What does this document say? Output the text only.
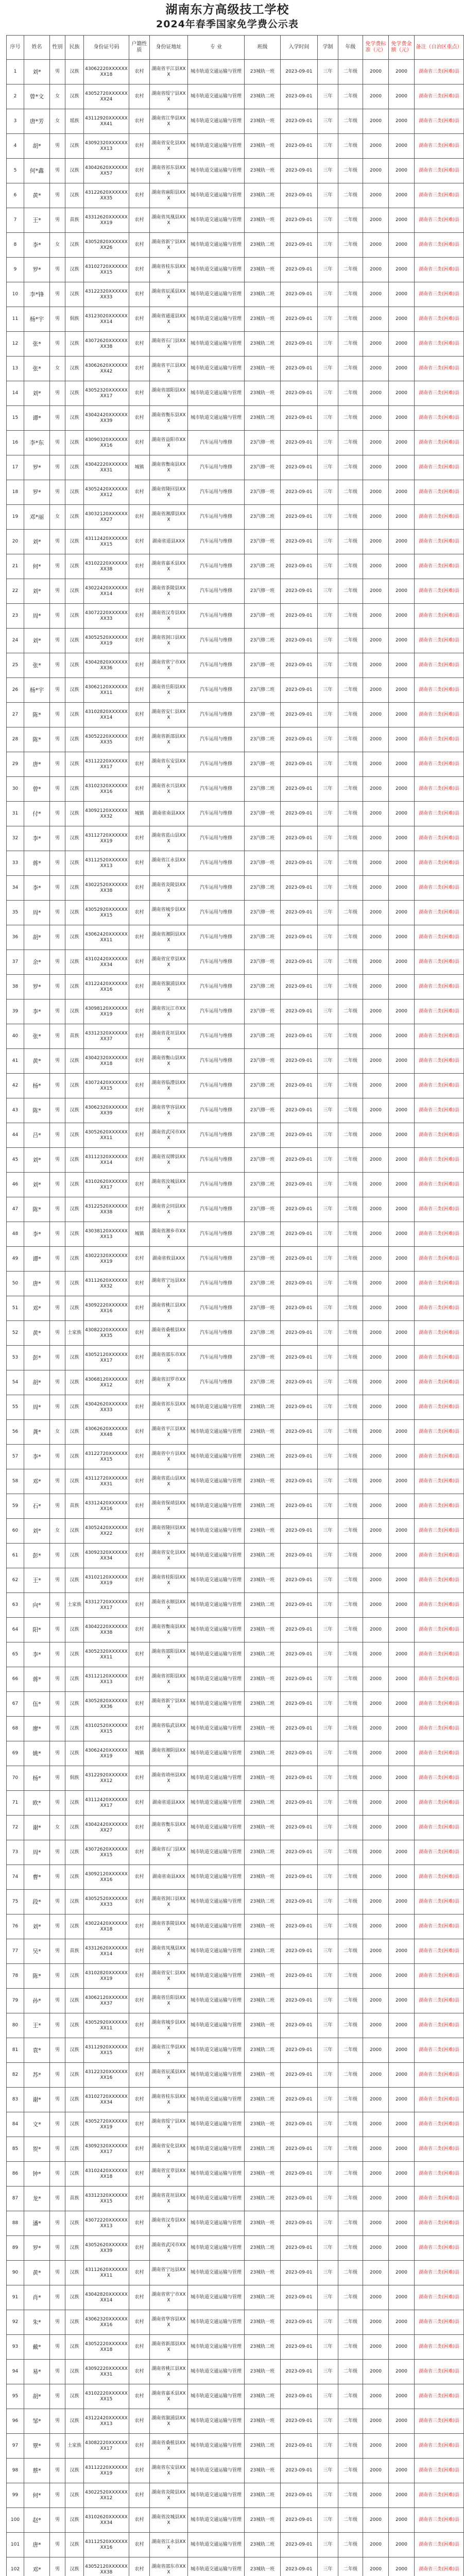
湖南东方高级技工学校
2024年春季国家免学费公示表
序号	姓名	性别	民族	身份证号码	户籍性质	身份证地址	专 业	班级	入学时间	学制	年级	免学费标准（元）	免学费金额（元）	备注（自治区重点）
1	刘*	男	汉族	43062220XXXXXXXX18	农村	湖南省平江县XXX	城市轨道交通运输与管理	23城轨一班	2023-09-01	三年	二年级	2000	2000	湖南省三类(困难)县
2	曾*文	女	汉族	43052720XXXXXXXX24	农村	湖南省绥宁县XXX	城市轨道交通运输与管理	23城轨二班	2023-09-01	三年	二年级	2000	2000	湖南省三类(困难)县
3	唐*芳	女	瑶族	43112920XXXXXXXX41	农村	湖南省江华县XXX	城市轨道交通运输与管理	23城轨一班	2023-09-01	三年	二年级	2000	2000	湖南省三类(困难)县
4	胡*	男	汉族	43092320XXXXXXXX13	农村	湖南省安化县XXX	城市轨道交通运输与管理	23城轨一班	2023-09-01	三年	二年级	2000	2000	湖南省三类(困难)县
5	何*鑫	男	汉族	43042620XXXXXXXX57	农村	湖南省祁东县XXX	城市轨道交通运输与管理	23城轨一班	2023-09-01	三年	二年级	2000	2000	湖南省三类(困难)县
6	黄*	男	汉族	43122620XXXXXXXX35	农村	湖南省麻阳县XXX	城市轨道交通运输与管理	23城轨二班	2023-09-01	三年	二年级	2000	2000	湖南省三类(困难)县
7	王*	男	苗族	43312620XXXXXXXX19	农村	湖南省凤凰县XXX	城市轨道交通运输与管理	23城轨一班	2023-09-01	三年	二年级	2000	2000	湖南省三类(困难)县
8	李*	女	汉族	43052820XXXXXXXX26	农村	湖南省新宁县XXX	城市轨道交通运输与管理	23城轨二班	2023-09-01	三年	二年级	2000	2000	湖南省三类(困难)县
9	罗*	男	汉族	43102720XXXXXXXX15	农村	湖南省桂东县XXX	城市轨道交通运输与管理	23城轨一班	2023-09-01	三年	二年级	2000	2000	湖南省三类(困难)县
10	李*锋	男	汉族	43122320XXXXXXXX33	农村	湖南省辰溪县XXX	城市轨道交通运输与管理	23城轨二班	2023-09-01	三年	二年级	2000	2000	湖南省三类(困难)县
11	杨*宇	男	侗族	43123020XXXXXXXX14	农村	湖南省通道县XXX	城市轨道交通运输与管理	23城轨一班	2023-09-01	三年	二年级	2000	2000	湖南省三类(困难)县
12	张*	男	汉族	43072620XXXXXXXX38	农村	湖南省石门县XXX	城市轨道交通运输与管理	23城轨二班	2023-09-01	三年	二年级	2000	2000	湖南省三类(困难)县
13	张*	女	汉族	43062620XXXXXXXX42	农村	湖南省平江县XXX	城市轨道交通运输与管理	23城轨一班	2023-09-01	三年	二年级	2000	2000	湖南省三类(困难)县
14	刘*	男	汉族	43052320XXXXXXXX17	农村	湖南省邵阳县XXX	城市轨道交通运输与管理	23城轨一班	2023-09-01	三年	二年级	2000	2000	湖南省三类(困难)县
15	谭*	男	汉族	43042420XXXXXXXX39	农村	湖南省衡东县XXX	城市轨道交通运输与管理	23城轨二班	2023-09-01	三年	二年级	2000	2000	湖南省三类(困难)县
16	李*东	男	汉族	43090320XXXXXXXX16	农村	湖南省益阳市XXX	汽车运用与维修	23汽修一班	2023-09-01	三年	二年级	2000	2000	湖南省三类(困难)县
17	罗*	男	汉族	43042220XXXXXXXX31	城镇	湖南省衡南县XXX	汽车运用与维修	23汽修一班	2023-09-01	三年	二年级	2000	2000	湖南省三类(困难)县
18	罗*	男	汉族	43052420XXXXXXXX12	农村	湖南省隆回县XXX	汽车运用与维修	23汽修一班	2023-09-01	三年	二年级	2000	2000	湖南省三类(困难)县
19	邓*丽	女	汉族	43032120XXXXXXXX27	农村	湖南省湘潭县XXX	汽车运用与维修	23汽修二班	2023-09-01	三年	二年级	2000	2000	湖南省三类(困难)县
20	刘*	男	汉族	43112420XXXXXXXX15	农村	湖南省道县XXX	汽车运用与维修	23汽修一班	2023-09-01	三年	二年级	2000	2000	湖南省三类(困难)县
21	何*	男	汉族	43102220XXXXXXXX38	农村	湖南省嘉禾县XXX	汽车运用与维修	23汽修二班	2023-09-01	三年	二年级	2000	2000	湖南省三类(困难)县
22	刘*	男	汉族	43022420XXXXXXXX14	农村	湖南省茶陵县XXX	汽车运用与维修	23汽修一班	2023-09-01	三年	二年级	2000	2000	湖南省三类(困难)县
23	周*	男	汉族	43072220XXXXXXXX33	农村	湖南省汉寿县XXX	汽车运用与维修	23汽修一班	2023-09-01	三年	二年级	2000	2000	湖南省三类(困难)县
24	刘*	男	汉族	43052520XXXXXXXX19	农村	湖南省洞口县XXX	汽车运用与维修	23汽修二班	2023-09-01	三年	二年级	2000	2000	湖南省三类(困难)县
25	张*	男	汉族	43042820XXXXXXXX36	农村	湖南省常宁市XXX	汽车运用与维修	23汽修一班	2023-09-01	三年	二年级	2000	2000	湖南省三类(困难)县
26	杨*宇	男	汉族	43062120XXXXXXXX11	农村	湖南省岳阳县XXX	汽车运用与维修	23汽修二班	2023-09-01	三年	二年级	2000	2000	湖南省三类(困难)县
27	陈*	男	汉族	43102820XXXXXXXX14	农村	湖南省安仁县XXX	汽车运用与维修	23汽修一班	2023-09-01	三年	二年级	2000	2000	湖南省三类(困难)县
28	陈*	男	汉族	43052220XXXXXXXX35	农村	湖南省新邵县XXX	汽车运用与维修	23汽修二班	2023-09-01	三年	二年级	2000	2000	湖南省三类(困难)县
29	唐*	男	汉族	43112220XXXXXXXX17	农村	湖南省东安县XXX	汽车运用与维修	23汽修一班	2023-09-01	三年	二年级	2000	2000	湖南省三类(困难)县
30	曾*	男	汉族	43102320XXXXXXXX16	农村	湖南省永兴县XXX	汽车运用与维修	23汽修二班	2023-09-01	三年	二年级	2000	2000	湖南省三类(困难)县
31	付*	男	汉族	43092120XXXXXXXX32	城镇	湖南省南县XXX	汽车运用与维修	23汽修一班	2023-09-01	三年	二年级	2000	2000	湖南省三类(困难)县
32	李*	男	汉族	43112720XXXXXXXX19	农村	湖南省蓝山县XXX	汽车运用与维修	23汽修二班	2023-09-01	三年	二年级	2000	2000	湖南省三类(困难)县
33	蒋*	男	汉族	43112520XXXXXXXX13	农村	湖南省江永县XXX	汽车运用与维修	23汽修一班	2023-09-01	三年	二年级	2000	2000	湖南省三类(困难)县
34	李*	男	汉族	43022520XXXXXXXX38	农村	湖南省炎陵县XXX	汽车运用与维修	23汽修二班	2023-09-01	三年	二年级	2000	2000	湖南省三类(困难)县
35	周*	男	汉族	43052920XXXXXXXX15	农村	湖南省城步县XXX	汽车运用与维修	23汽修一班	2023-09-01	三年	二年级	2000	2000	湖南省三类(困难)县
36	胡*	男	汉族	43062420XXXXXXXX11	农村	湖南省湘阴县XXX	汽车运用与维修	23汽修二班	2023-09-01	三年	二年级	2000	2000	湖南省三类(困难)县
37	余*	男	汉族	43102420XXXXXXXX34	农村	湖南省宜章县XXX	汽车运用与维修	23汽修一班	2023-09-01	三年	二年级	2000	2000	湖南省三类(困难)县
38	罗*	男	汉族	43122420XXXXXXXX16	农村	湖南省溆浦县XXX	汽车运用与维修	23汽修二班	2023-09-01	三年	二年级	2000	2000	湖南省三类(困难)县
39	李*	男	汉族	43098120XXXXXXXX19	农村	湖南省沅江市XXX	汽车运用与维修	23汽修一班	2023-09-01	三年	二年级	2000	2000	湖南省三类(困难)县
40	张*	男	苗族	43312320XXXXXXXX37	农村	湖南省花垣县XXX	汽车运用与维修	23汽修二班	2023-09-01	三年	二年级	2000	2000	湖南省三类(困难)县
41	黄*	男	汉族	43042320XXXXXXXX18	农村	湖南省衡山县XXX	汽车运用与维修	23汽修一班	2023-09-01	三年	二年级	2000	2000	湖南省三类(困难)县
42	杨*	男	汉族	43072420XXXXXXXX15	农村	湖南省临澧县XXX	汽车运用与维修	23汽修二班	2023-09-01	三年	二年级	2000	2000	湖南省三类(困难)县
43	陈*	男	汉族	43062320XXXXXXXX39	农村	湖南省华容县XXX	汽车运用与维修	23汽修一班	2023-09-01	三年	二年级	2000	2000	湖南省三类(困难)县
44	吕*	男	汉族	43052620XXXXXXXX11	农村	湖南省武冈市XXX	汽车运用与维修	23汽修二班	2023-09-01	三年	二年级	2000	2000	湖南省三类(困难)县
45	刘*	男	汉族	43112320XXXXXXXX14	农村	湖南省双牌县XXX	汽车运用与维修	23汽修一班	2023-09-01	三年	二年级	2000	2000	湖南省三类(困难)县
46	刘*	男	汉族	43102620XXXXXXXX17	农村	湖南省汝城县XXX	汽车运用与维修	23汽修二班	2023-09-01	三年	二年级	2000	2000	湖南省三类(困难)县
47	陈*	男	汉族	43122520XXXXXXXX38	农村	湖南省会同县XXX	汽车运用与维修	23汽修一班	2023-09-01	三年	二年级	2000	2000	湖南省三类(困难)县
48	李*	男	汉族	43038120XXXXXXXX13	城镇	湖南省湘乡市XXX	汽车运用与维修	23汽修二班	2023-09-01	三年	二年级	2000	2000	湖南省三类(困难)县
49	谭*	男	汉族	43022320XXXXXXXX19	农村	湖南省攸县XXX	汽车运用与维修	23汽修一班	2023-09-01	三年	二年级	2000	2000	湖南省三类(困难)县
50	唐*	男	汉族	43112620XXXXXXXX32	农村	湖南省宁远县XXX	汽车运用与维修	23汽修二班	2023-09-01	三年	二年级	2000	2000	湖南省三类(困难)县
51	邓*	男	汉族	43092220XXXXXXXX16	农村	湖南省桃江县XXX	汽车运用与维修	23汽修一班	2023-09-01	三年	二年级	2000	2000	湖南省三类(困难)县
52	黄*	男	土家族	43082220XXXXXXXX35	农村	湖南省桑植县XXX	汽车运用与维修	23汽修二班	2023-09-01	三年	二年级	2000	2000	湖南省三类(困难)县
53	彭*	男	汉族	43052120XXXXXXXX17	农村	湖南省邵东市XXX	汽车运用与维修	23汽修一班	2023-09-01	三年	二年级	2000	2000	湖南省三类(困难)县
54	胡*	男	汉族	43068120XXXXXXXX12	农村	湖南省汨罗市XXX	汽车运用与维修	23汽修二班	2023-09-01	三年	二年级	2000	2000	湖南省三类(困难)县
55	周*	男	汉族	43042620XXXXXXXX33	农村	湖南省祁东县XXX	城市轨道交通运输与管理	23城轨二班	2023-09-01	三年	二年级	2000	2000	湖南省三类(困难)县
56	龚*	女	汉族	43062620XXXXXXXX48	农村	湖南省平江县XXX	城市轨道交通运输与管理	23城轨一班	2023-09-01	三年	二年级	2000	2000	湖南省三类(困难)县
57	李*	男	汉族	43122720XXXXXXXX15	农村	湖南省中方县XXX	城市轨道交通运输与管理	23城轨二班	2023-09-01	三年	二年级	2000	2000	湖南省三类(困难)县
58	邓*	男	汉族	43112720XXXXXXXX31	农村	湖南省蓝山县XXX	城市轨道交通运输与管理	23城轨一班	2023-09-01	三年	二年级	2000	2000	湖南省三类(困难)县
59	石*	男	苗族	43312420XXXXXXXX16	农村	湖南省保靖县XXX	城市轨道交通运输与管理	23城轨二班	2023-09-01	三年	二年级	2000	2000	湖南省三类(困难)县
60	刘*	女	汉族	43052420XXXXXXXX22	农村	湖南省隆回县XXX	城市轨道交通运输与管理	23城轨一班	2023-09-01	三年	二年级	2000	2000	湖南省三类(困难)县
61	彭*	男	汉族	43092320XXXXXXXX34	农村	湖南省安化县XXX	城市轨道交通运输与管理	23城轨二班	2023-09-01	三年	二年级	2000	2000	湖南省三类(困难)县
62	王*	男	汉族	43102120XXXXXXXX19	农村	湖南省桂阳县XXX	城市轨道交通运输与管理	23城轨一班	2023-09-01	三年	二年级	2000	2000	湖南省三类(困难)县
63	向*	男	土家族	43312720XXXXXXXX17	农村	湖南省永顺县XXX	城市轨道交通运输与管理	23城轨二班	2023-09-01	三年	二年级	2000	2000	湖南省三类(困难)县
64	阳*	男	汉族	43042220XXXXXXXX38	农村	湖南省衡南县XXX	城市轨道交通运输与管理	23城轨一班	2023-09-01	三年	二年级	2000	2000	湖南省三类(困难)县
65	李*	男	汉族	43052320XXXXXXXX11	农村	湖南省邵阳县XXX	城市轨道交通运输与管理	23城轨二班	2023-09-01	三年	二年级	2000	2000	湖南省三类(困难)县
66	蒋*	男	汉族	43112120XXXXXXXX13	农村	湖南省祁阳县XXX	城市轨道交通运输与管理	23城轨一班	2023-09-01	三年	二年级	2000	2000	湖南省三类(困难)县
67	伍*	男	汉族	43052820XXXXXXXX36	农村	湖南省新宁县XXX	城市轨道交通运输与管理	23城轨二班	2023-09-01	三年	二年级	2000	2000	湖南省三类(困难)县
68	廖*	男	汉族	43102520XXXXXXXX15	农村	湖南省临武县XXX	城市轨道交通运输与管理	23城轨一班	2023-09-01	三年	二年级	2000	2000	湖南省三类(困难)县
69	姚*	男	汉族	43062420XXXXXXXX19	城镇	湖南省湘阴县XXX	城市轨道交通运输与管理	23城轨二班	2023-09-01	三年	二年级	2000	2000	湖南省三类(困难)县
70	杨*	男	侗族	43122920XXXXXXXX12	农村	湖南省靖州县XXX	城市轨道交通运输与管理	23城轨一班	2023-09-01	三年	二年级	2000	2000	湖南省三类(困难)县
71	欧*	男	汉族	43112420XXXXXXXX17	农村	湖南省道县XXX	城市轨道交通运输与管理	23城轨二班	2023-09-01	三年	二年级	2000	2000	湖南省三类(困难)县
72	谢*	女	汉族	43042420XXXXXXXX27	农村	湖南省衡东县XXX	城市轨道交通运输与管理	23城轨一班	2023-09-01	三年	二年级	2000	2000	湖南省三类(困难)县
73	周*	男	汉族	43072620XXXXXXXX15	农村	湖南省石门县XXX	城市轨道交通运输与管理	23城轨二班	2023-09-01	三年	二年级	2000	2000	湖南省三类(困难)县
74	曹*	男	汉族	43092120XXXXXXXX16	农村	湖南省南县XXX	城市轨道交通运输与管理	23城轨一班	2023-09-01	三年	二年级	2000	2000	湖南省三类(困难)县
75	段*	男	汉族	43052520XXXXXXXX33	农村	湖南省洞口县XXX	城市轨道交通运输与管理	23城轨二班	2023-09-01	三年	二年级	2000	2000	湖南省三类(困难)县
76	刘*	男	汉族	43022420XXXXXXXX18	农村	湖南省茶陵县XXX	城市轨道交通运输与管理	23城轨一班	2023-09-01	三年	二年级	2000	2000	湖南省三类(困难)县
77	吴*	男	苗族	43312620XXXXXXXX14	农村	湖南省凤凰县XXX	城市轨道交通运输与管理	23城轨二班	2023-09-01	三年	二年级	2000	2000	湖南省三类(困难)县
78	陈*	男	汉族	43102820XXXXXXXX19	农村	湖南省安仁县XXX	城市轨道交通运输与管理	23城轨一班	2023-09-01	三年	二年级	2000	2000	湖南省三类(困难)县
79	孙*	男	汉族	43062120XXXXXXXX37	农村	湖南省岳阳县XXX	城市轨道交通运输与管理	23城轨二班	2023-09-01	三年	二年级	2000	2000	湖南省三类(困难)县
80	王*	男	汉族	43052920XXXXXXXX11	农村	湖南省城步县XXX	城市轨道交通运输与管理	23城轨一班	2023-09-01	三年	二年级	2000	2000	湖南省三类(困难)县
81	袁*	男	汉族	43112920XXXXXXXX15	农村	湖南省江华县XXX	城市轨道交通运输与管理	23城轨二班	2023-09-01	三年	二年级	2000	2000	湖南省三类(困难)县
82	苏*	男	汉族	43122320XXXXXXXX16	农村	湖南省辰溪县XXX	城市轨道交通运输与管理	23城轨一班	2023-09-01	三年	二年级	2000	2000	湖南省三类(困难)县
83	谢*	男	汉族	43102720XXXXXXXX34	农村	湖南省桂东县XXX	城市轨道交通运输与管理	23城轨二班	2023-09-01	三年	二年级	2000	2000	湖南省三类(困难)县
84	文*	男	汉族	43052720XXXXXXXX19	农村	湖南省绥宁县XXX	城市轨道交通运输与管理	23城轨一班	2023-09-01	三年	二年级	2000	2000	湖南省三类(困难)县
85	贺*	男	汉族	43092320XXXXXXXX17	农村	湖南省安化县XXX	城市轨道交通运输与管理	23城轨二班	2023-09-01	三年	二年级	2000	2000	湖南省三类(困难)县
86	钟*	男	汉族	43102420XXXXXXXX18	农村	湖南省宜章县XXX	城市轨道交通运输与管理	23城轨一班	2023-09-01	三年	二年级	2000	2000	湖南省三类(困难)县
87	龙*	男	苗族	43312320XXXXXXXX15	农村	湖南省花垣县XXX	城市轨道交通运输与管理	23城轨二班	2023-09-01	三年	二年级	2000	2000	湖南省三类(困难)县
88	潘*	男	汉族	43072220XXXXXXXX13	农村	湖南省汉寿县XXX	城市轨道交通运输与管理	23城轨一班	2023-09-01	三年	二年级	2000	2000	湖南省三类(困难)县
89	罗*	男	汉族	43052620XXXXXXXX39	农村	湖南省武冈市XXX	城市轨道交通运输与管理	23城轨二班	2023-09-01	三年	二年级	2000	2000	湖南省三类(困难)县
90	黄*	男	汉族	43112620XXXXXXXX11	农村	湖南省宁远县XXX	城市轨道交通运输与管理	23城轨一班	2023-09-01	三年	二年级	2000	2000	湖南省三类(困难)县
91	肖*	男	汉族	43042820XXXXXXXX14	农村	湖南省常宁市XXX	城市轨道交通运输与管理	23城轨二班	2023-09-01	三年	二年级	2000	2000	湖南省三类(困难)县
92	朱*	男	汉族	43062320XXXXXXXX16	农村	湖南省华容县XXX	城市轨道交通运输与管理	23城轨一班	2023-09-01	三年	二年级	2000	2000	湖南省三类(困难)县
93	戴*	男	汉族	43052220XXXXXXXX18	农村	湖南省新邵县XXX	城市轨道交通运输与管理	23城轨二班	2023-09-01	三年	二年级	2000	2000	湖南省三类(困难)县
94	易*	男	汉族	43092220XXXXXXXX31	农村	湖南省桃江县XXX	城市轨道交通运输与管理	23城轨一班	2023-09-01	三年	二年级	2000	2000	湖南省三类(困难)县
95	胡*	男	汉族	43102220XXXXXXXX15	农村	湖南省嘉禾县XXX	城市轨道交通运输与管理	23城轨二班	2023-09-01	三年	二年级	2000	2000	湖南省三类(困难)县
96	邹*	男	汉族	43122420XXXXXXXX13	农村	湖南省溆浦县XXX	城市轨道交通运输与管理	23城轨一班	2023-09-01	三年	二年级	2000	2000	湖南省三类(困难)县
97	覃*	男	土家族	43082220XXXXXXXX17	农村	湖南省桑植县XXX	城市轨道交通运输与管理	23城轨二班	2023-09-01	三年	二年级	2000	2000	湖南省三类(困难)县
98	蔡*	男	汉族	43112220XXXXXXXX19	农村	湖南省东安县XXX	城市轨道交通运输与管理	23城轨一班	2023-09-01	三年	二年级	2000	2000	湖南省三类(困难)县
99	何*	男	汉族	43022520XXXXXXXX12	农村	湖南省炎陵县XXX	城市轨道交通运输与管理	23城轨二班	2023-09-01	三年	二年级	2000	2000	湖南省三类(困难)县
100	赵*	男	汉族	43102620XXXXXXXX34	农村	湖南省汝城县XXX	城市轨道交通运输与管理	23城轨一班	2023-09-01	三年	二年级	2000	2000	湖南省三类(困难)县
101	唐*	男	汉族	43112520XXXXXXXX16	农村	湖南省江永县XXX	城市轨道交通运输与管理	23城轨二班	2023-09-01	三年	二年级	2000	2000	湖南省三类(困难)县
102	邓*	男	汉族	43052120XXXXXXXX38	农村	湖南省邵东市XXX	城市轨道交通运输与管理	23城轨一班	2023-09-01	三年	二年级	2000	2000	湖南省三类(困难)县
